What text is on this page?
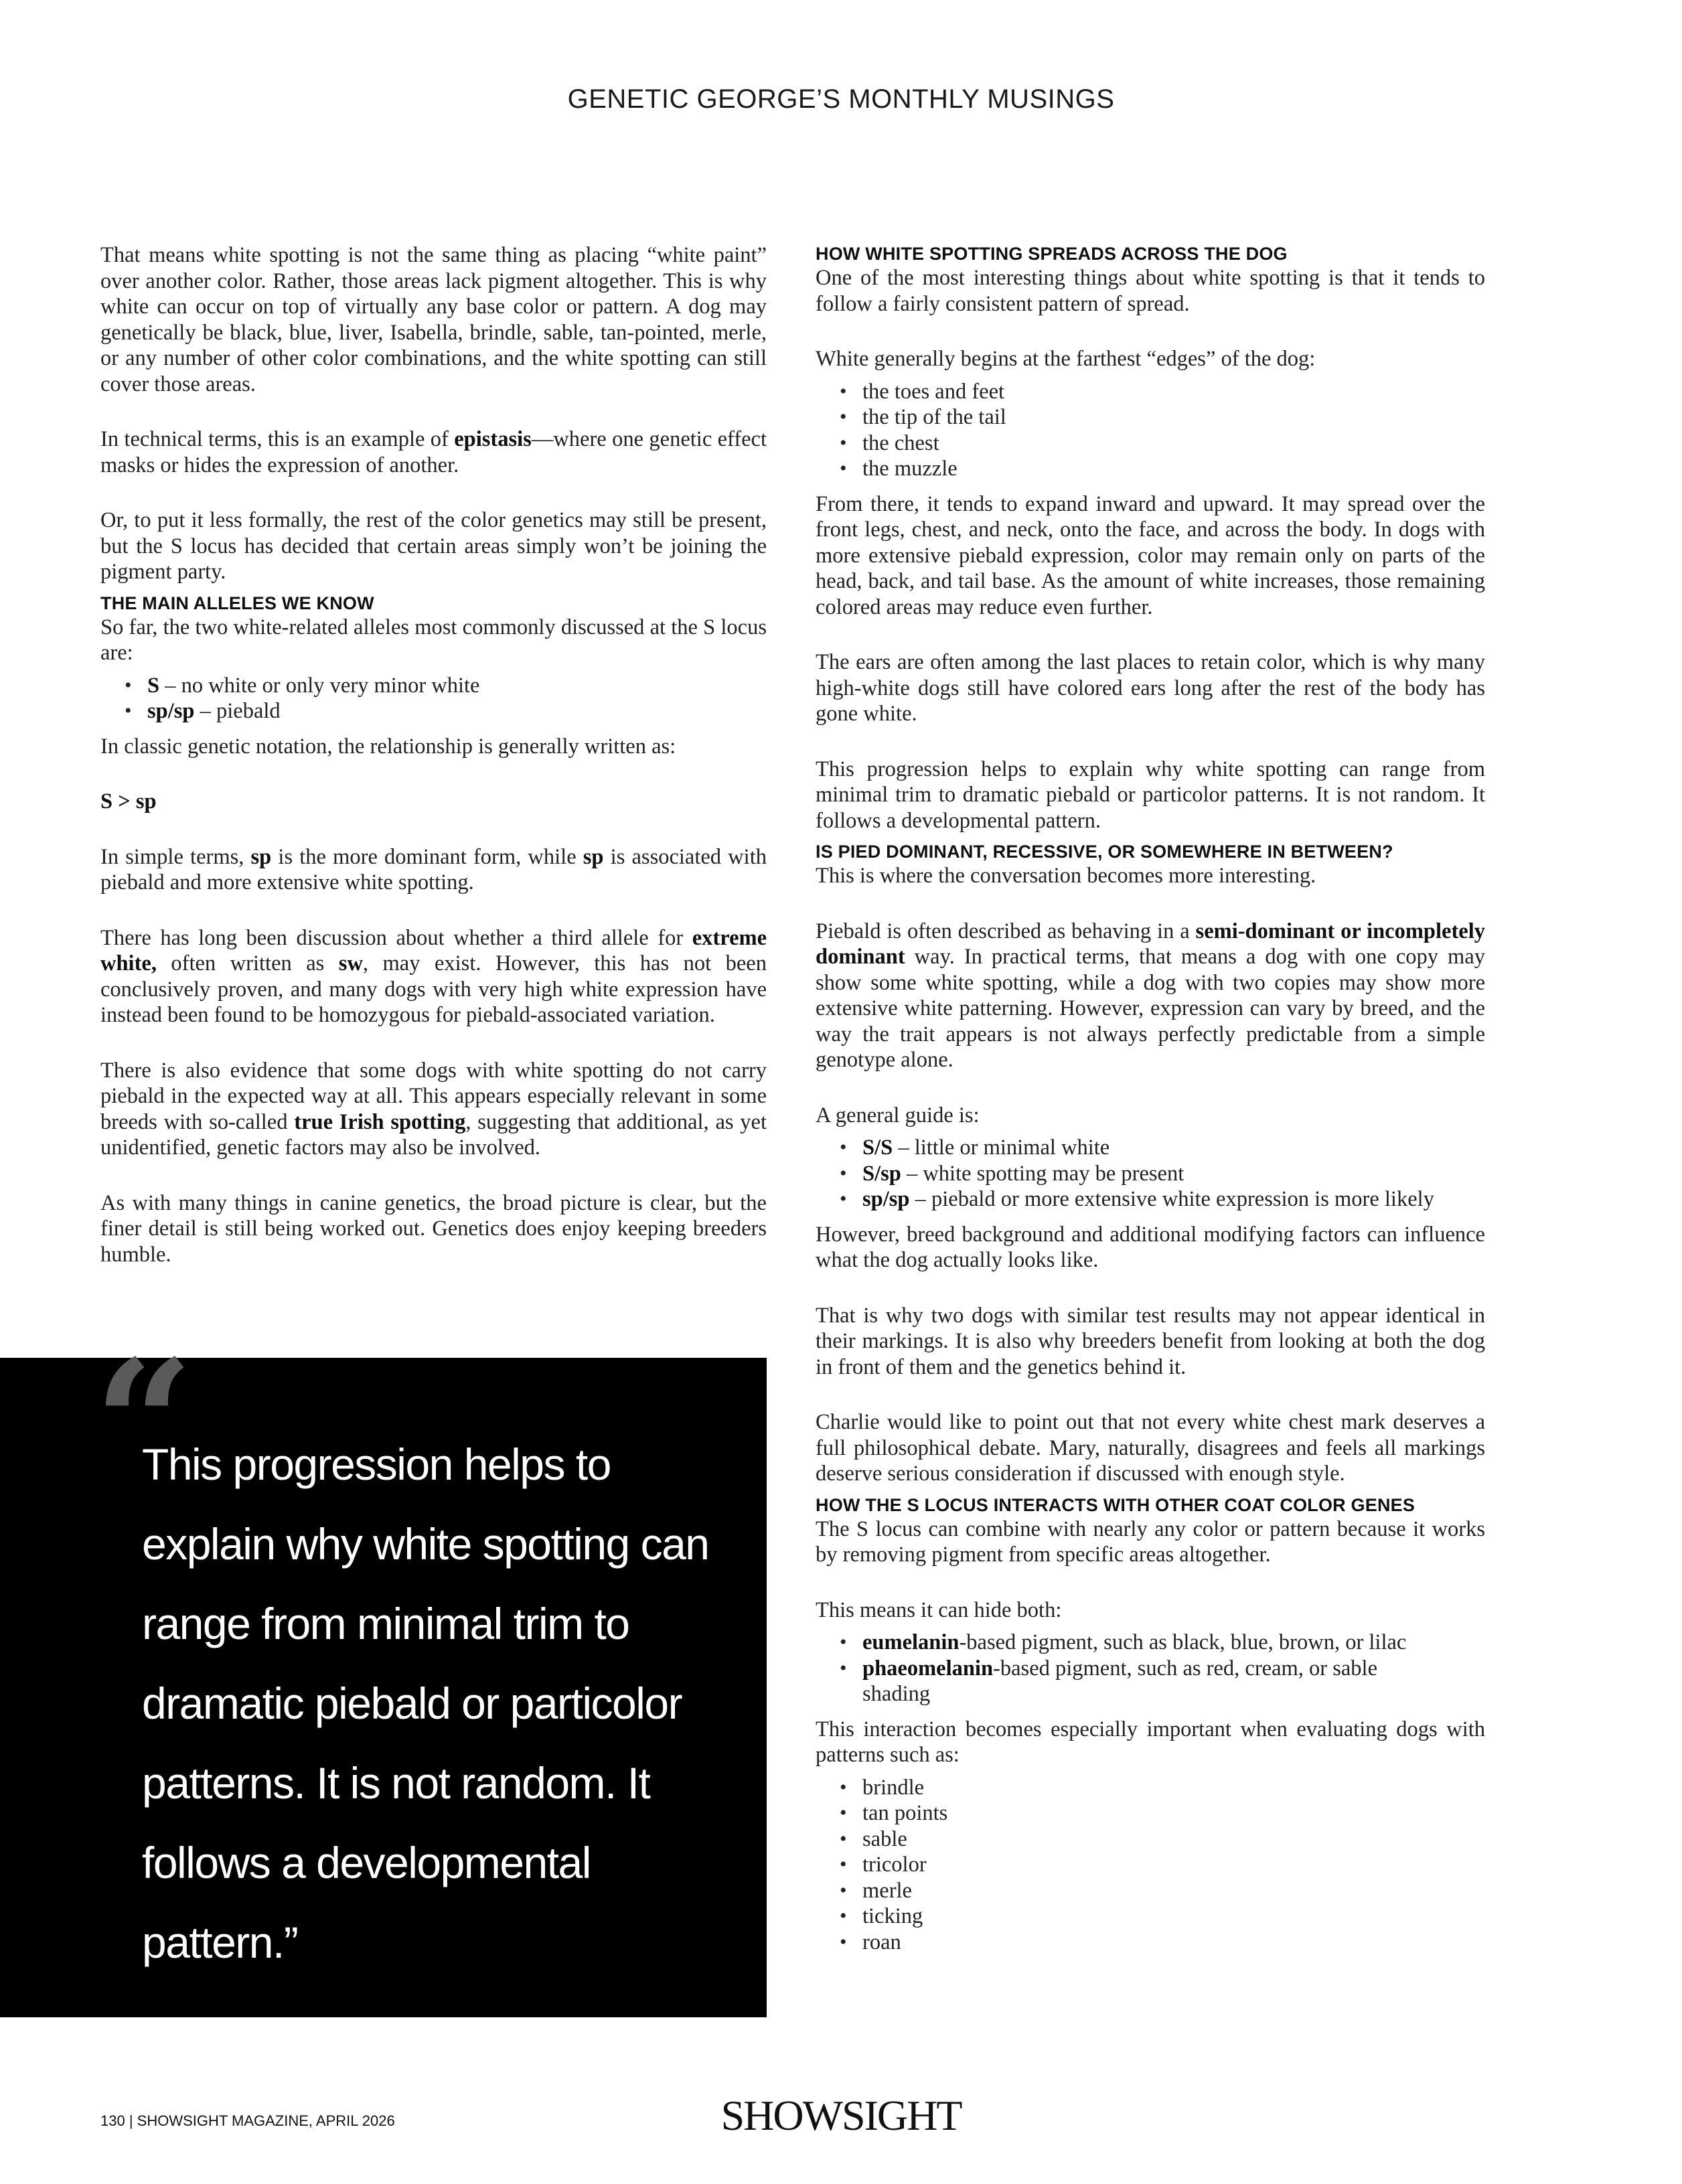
GENETIC GEORGE’S MONTHLY MUSINGS

That means white spotting is not the same thing as placing “white paint” over another color. Rather, those areas lack pigment altogether. This is why white can occur on top of virtually any base color or pattern. A dog may genetically be black, blue, liver, Isabella, brindle, sable, tan-pointed, merle, or any number of other color combinations, and the white spotting can still cover those areas.

In technical terms, this is an example of epistasis—where one genetic effect masks or hides the expression of another.

Or, to put it less formally, the rest of the color genetics may still be present, but the S locus has decided that certain areas simply won’t be joining the pigment party.

THE MAIN ALLELES WE KNOW

So far, the two white-related alleles most commonly discussed at the S locus are:

• S – no white or only very minor white
• sp/sp – piebald

In classic genetic notation, the relationship is generally written as:

S > sp

In simple terms, sp is the more dominant form, while sp is associated with piebald and more extensive white spotting.

There has long been discussion about whether a third allele for extreme white, often written as sw, may exist. However, this has not been conclusively proven, and many dogs with very high white expression have instead been found to be homozygous for piebald-associated variation.

There is also evidence that some dogs with white spotting do not carry piebald in the expected way at all. This appears especially relevant in some breeds with so-called true Irish spotting, suggesting that additional, as yet unidentified, genetic factors may also be involved.

As with many things in canine genetics, the broad picture is clear, but the finer detail is still being worked out. Genetics does enjoy keeping breeders humble.

“

This progression helps to explain why white spotting can range from minimal trim to dramatic piebald or particolor patterns. It is not random. It follows a developmental pattern.”

HOW WHITE SPOTTING SPREADS ACROSS THE DOG

One of the most interesting things about white spotting is that it tends to follow a fairly consistent pattern of spread.

White generally begins at the farthest “edges” of the dog:

• the toes and feet
• the tip of the tail
• the chest
• the muzzle

From there, it tends to expand inward and upward. It may spread over the front legs, chest, and neck, onto the face, and across the body. In dogs with more extensive piebald expression, color may remain only on parts of the head, back, and tail base. As the amount of white increases, those remaining colored areas may reduce even further.

The ears are often among the last places to retain color, which is why many high-white dogs still have colored ears long after the rest of the body has gone white.

This progression helps to explain why white spotting can range from minimal trim to dramatic piebald or particolor patterns. It is not random. It follows a developmental pattern.

IS PIED DOMINANT, RECESSIVE, OR SOMEWHERE IN BETWEEN?

This is where the conversation becomes more interesting.

Piebald is often described as behaving in a semi-dominant or incompletely dominant way. In practical terms, that means a dog with one copy may show some white spotting, while a dog with two copies may show more extensive white patterning. However, expression can vary by breed, and the way the trait appears is not always perfectly predictable from a simple genotype alone.

A general guide is:

• S/S – little or minimal white
• S/sp – white spotting may be present
• sp/sp – piebald or more extensive white expression is more likely

However, breed background and additional modifying factors can influence what the dog actually looks like.

That is why two dogs with similar test results may not appear identical in their markings. It is also why breeders benefit from looking at both the dog in front of them and the genetics behind it.

Charlie would like to point out that not every white chest mark deserves a full philosophical debate. Mary, naturally, disagrees and feels all markings deserve serious consideration if discussed with enough style.

HOW THE S LOCUS INTERACTS WITH OTHER COAT COLOR GENES

The S locus can combine with nearly any color or pattern because it works by removing pigment from specific areas altogether.

This means it can hide both:

• eumelanin-based pigment, such as black, blue, brown, or lilac
• phaeomelanin-based pigment, such as red, cream, or sable shading

This interaction becomes especially important when evaluating dogs with patterns such as:

• brindle
• tan points
• sable
• tricolor
• merle
• ticking
• roan
130 | SHOWSIGHT MAGAZINE, APRIL 2026	SHOWSIGHT
